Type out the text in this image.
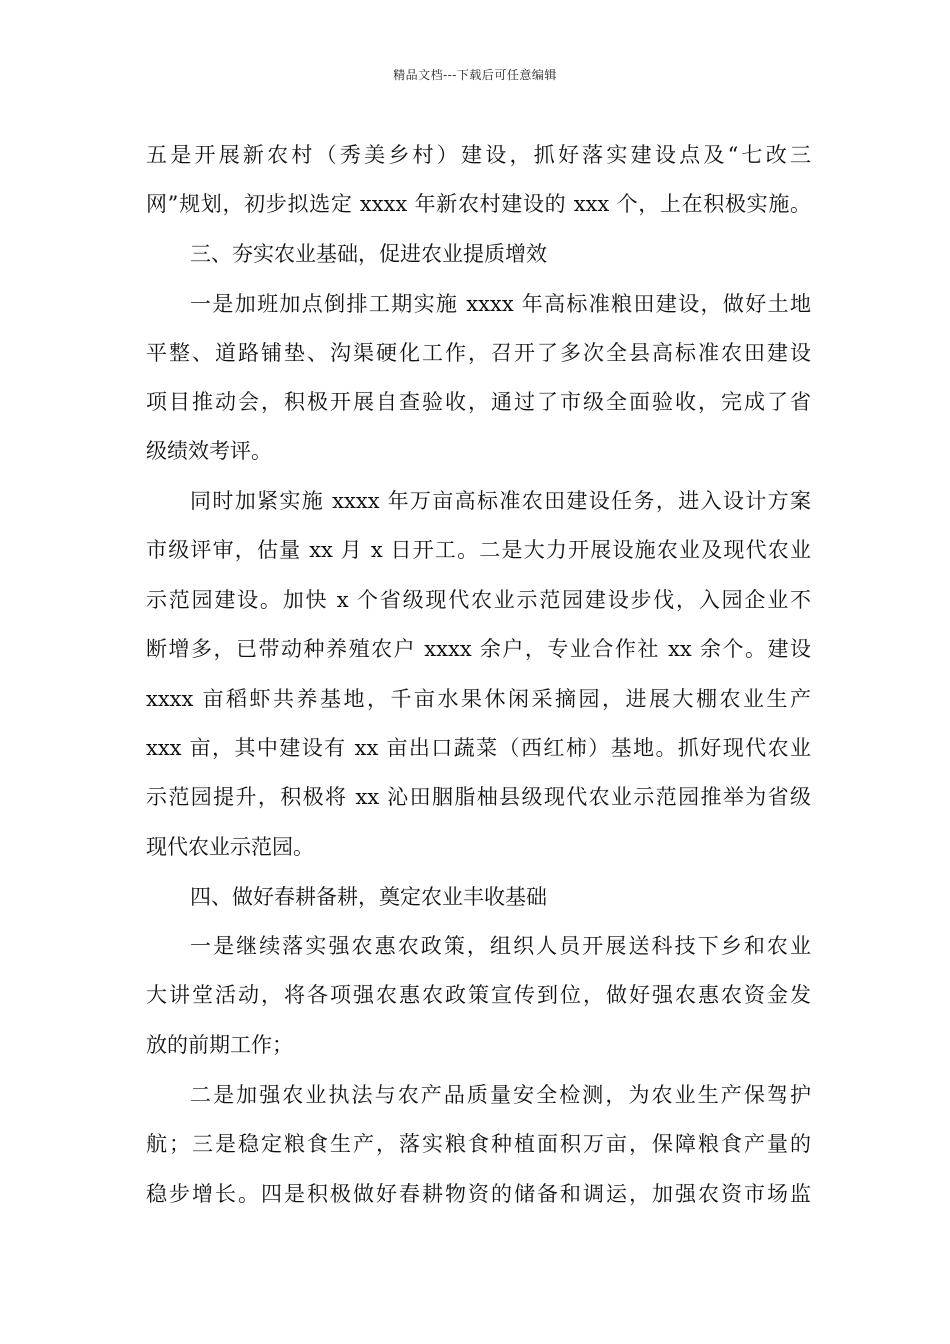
精品文档---下载后可任意编辑
五是开展新农村（秀美乡村）建设，抓好落实建设点及“七改三
网”规划，初步拟选定 xxxx 年新农村建设的 xxx 个，上在积极实施。
三、夯实农业基础，促进农业提质增效
一是加班加点倒排工期实施 xxxx 年高标准粮田建设，做好土地
平整、道路铺垫、沟渠硬化工作，召开了多次全县高标准农田建设
项目推动会，积极开展自查验收，通过了市级全面验收，完成了省
级绩效考评。
同时加紧实施 xxxx 年万亩高标准农田建设任务，进入设计方案
市级评审，估量 xx 月 x 日开工。二是大力开展设施农业及现代农业
示范园建设。加快 x 个省级现代农业示范园建设步伐，入园企业不
断增多，已带动种养殖农户 xxxx 余户，专业合作社 xx 余个。建设
xxxx 亩稻虾共养基地，千亩水果休闲采摘园，进展大棚农业生产
xxx 亩，其中建设有 xx 亩出口蔬菜（西红柿）基地。抓好现代农业
示范园提升，积极将 xx 沁田胭脂柚县级现代农业示范园推举为省级
现代农业示范园。
四、做好春耕备耕，奠定农业丰收基础
一是继续落实强农惠农政策，组织人员开展送科技下乡和农业
大讲堂活动，将各项强农惠农政策宣传到位，做好强农惠农资金发
放的前期工作；
二是加强农业执法与农产品质量安全检测，为农业生产保驾护
航；三是稳定粮食生产，落实粮食种植面积万亩，保障粮食产量的
稳步增长。四是积极做好春耕物资的储备和调运，加强农资市场监
